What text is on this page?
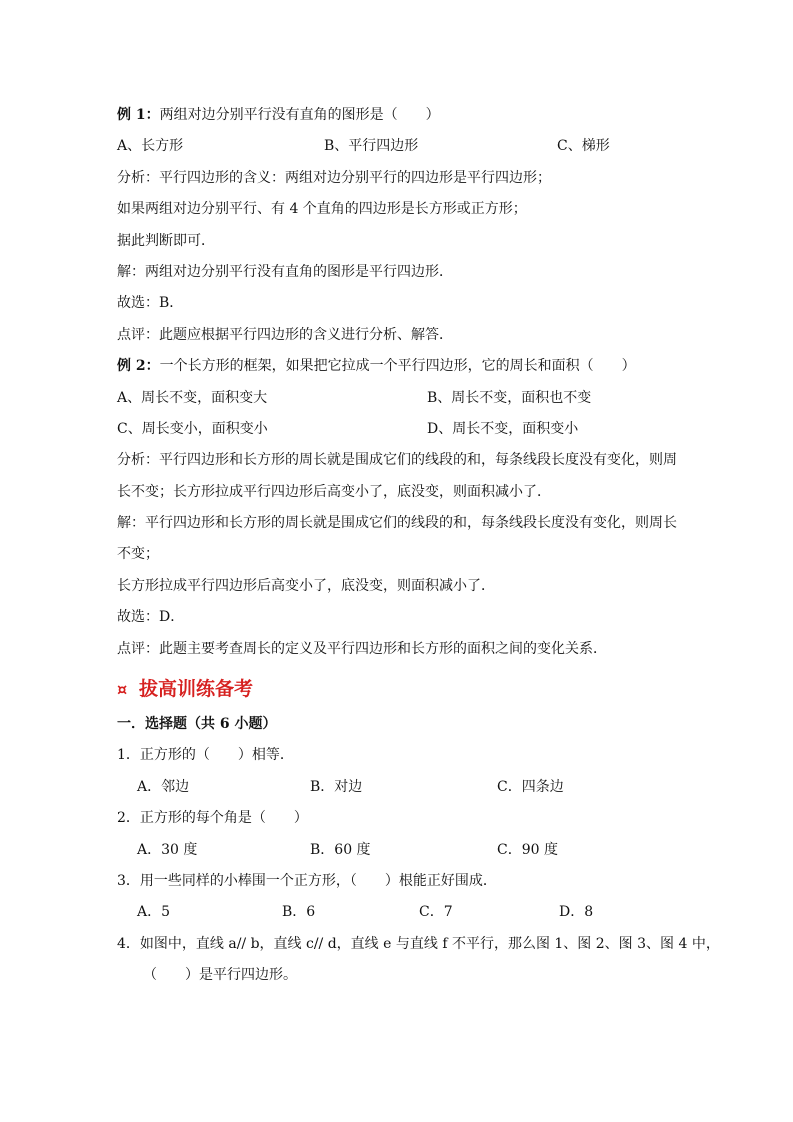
例 1：两组对边分别平行没有直角的图形是（　　）
A、长方形	B、平行四边形	C、梯形
分析：平行四边形的含义：两组对边分别平行的四边形是平行四边形；
如果两组对边分别平行、有 4 个直角的四边形是长方形或正方形；
据此判断即可．
解：两组对边分别平行没有直角的图形是平行四边形．
故选：B．
点评：此题应根据平行四边形的含义进行分析、解答．
例 2：一个长方形的框架，如果把它拉成一个平行四边形，它的周长和面积（　　）
A、周长不变，面积变大	B、周长不变，面积也不变
C、周长变小，面积变小	D、周长不变，面积变小
分析：平行四边形和长方形的周长就是围成它们的线段的和，每条线段长度没有变化，则周
长不变；长方形拉成平行四边形后高变小了，底没变，则面积减小了．
解：平行四边形和长方形的周长就是围成它们的线段的和，每条线段长度没有变化，则周长
不变；
长方形拉成平行四边形后高变小了，底没变，则面积减小了．
故选：D．
点评：此题主要考查周长的定义及平行四边形和长方形的面积之间的变化关系．
¤ 拔高训练备考
一．选择题（共 6 小题）
1．正方形的（　　）相等．
A．邻边	B．对边	C．四条边
2．正方形的每个角是（　　）
A．30 度	B．60 度	C．90 度
3．用一些同样的小棒围一个正方形，（　　）根能正好围成．
A．5	B．6	C．7	D．8
4．如图中，直线 a// b，直线 c// d，直线 e 与直线 f 不平行，那么图 1、图 2、图 3、图 4 中，
（　　）是平行四边形。
